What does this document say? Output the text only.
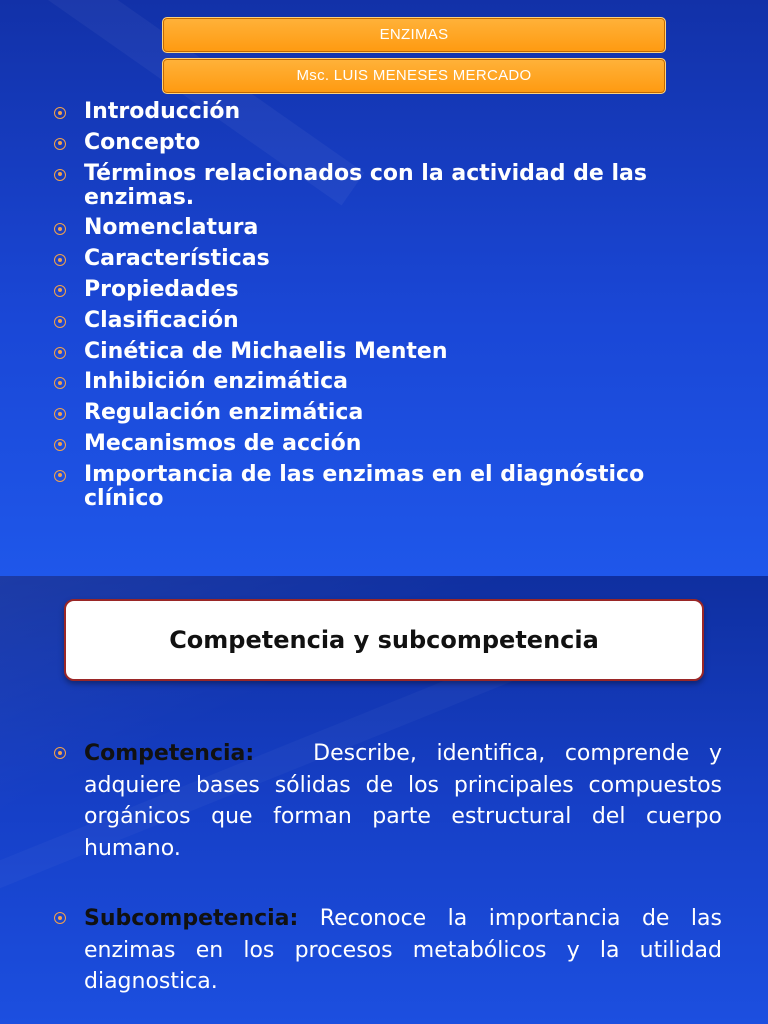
ENZIMAS
Msc. LUIS MENESES MERCADO
Introducción
Concepto
Términos relacionados con la actividad de las enzimas.
Nomenclatura
Características
Propiedades
Clasificación
Cinética de Michaelis Menten
Inhibición enzimática
Regulación enzimática
Mecanismos de acción
Importancia de las enzimas en el diagnóstico clínico
Competencia y subcompetencia
Competencia:	Describe, identifica, comprende y adquiere bases sólidas de los principales compuestos orgánicos que forman parte estructural del cuerpo humano.
Subcompetencia: Reconoce la importancia de las enzimas en los procesos metabólicos y la utilidad diagnostica.
